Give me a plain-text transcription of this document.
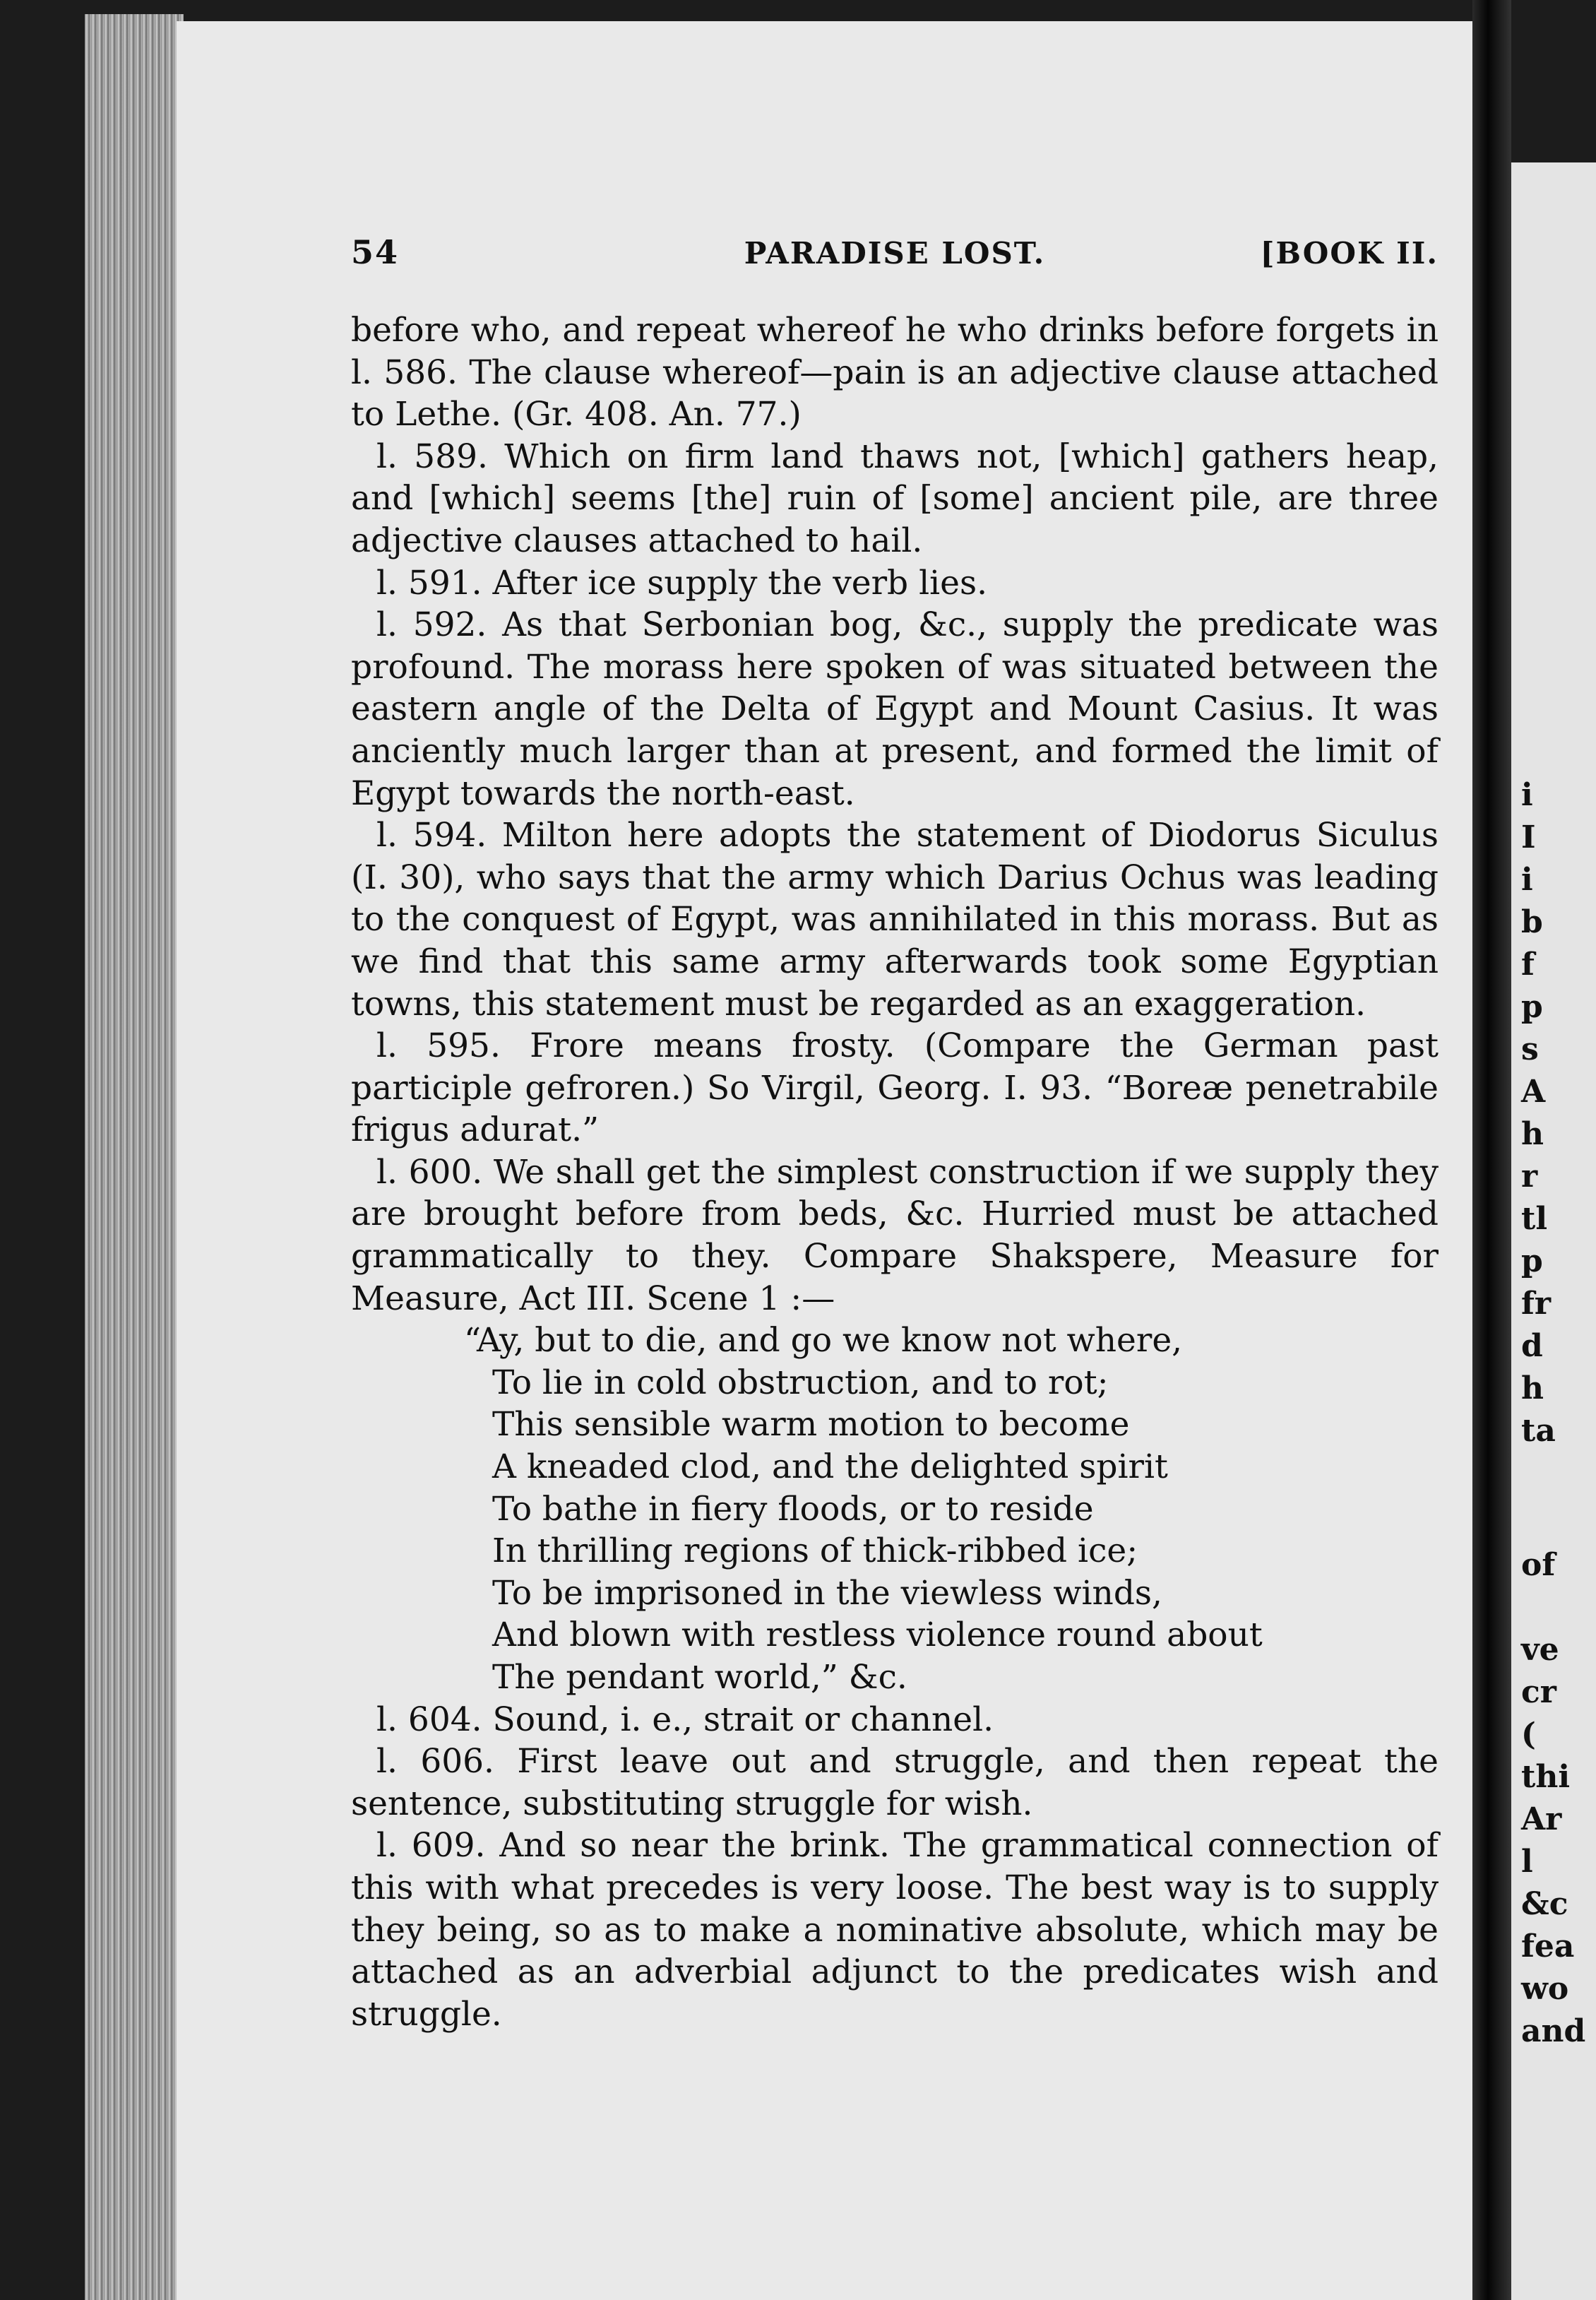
i
I
i
b
f
p
s
A
h
r
tl
p
fr
d
h
ta
of
ve
cr
(
thi
Ar
l
&c
fea
wo
and
54	PARADISE LOST.	[BOOK II.

before who, and repeat whereof he who drinks before forgets in l. 586. The clause whereof—pain is an adjective clause attached to Lethe. (Gr. 408. An. 77.)

l. 589. Which on firm land thaws not, [which] gathers heap, and [which] seems [the] ruin of [some] ancient pile, are three adjective clauses attached to hail.

l. 591. After ice supply the verb lies.

l. 592. As that Serbonian bog, &c., supply the predicate was profound. The morass here spoken of was situated between the eastern angle of the Delta of Egypt and Mount Casius. It was anciently much larger than at present, and formed the limit of Egypt towards the north-east.

l. 594. Milton here adopts the statement of Diodorus Siculus (I. 30), who says that the army which Darius Ochus was leading to the conquest of Egypt, was annihilated in this morass. But as we find that this same army afterwards took some Egyptian towns, this statement must be regarded as an exaggeration.

l. 595. Frore means frosty. (Compare the German past participle gefroren.) So Virgil, Georg. I. 93. “Boreæ penetrabile frigus adurat.”

l. 600. We shall get the simplest construction if we supply they are brought before from beds, &c. Hurried must be attached grammatically to they. Compare Shakspere, Measure for Measure, Act III. Scene 1 :—

“Ay, but to die, and go we know not where,
To lie in cold obstruction, and to rot;
This sensible warm motion to become
A kneaded clod, and the delighted spirit
To bathe in fiery floods, or to reside
In thrilling regions of thick-ribbed ice;
To be imprisoned in the viewless winds,
And blown with restless violence round about
The pendant world,” &c.

l. 604. Sound, i. e., strait or channel.

l. 606. First leave out and struggle, and then repeat the sentence, substituting struggle for wish.

l. 609. And so near the brink. The grammatical connection of this with what precedes is very loose. The best way is to supply they being, so as to make a nominative absolute, which may be attached as an adverbial adjunct to the predicates wish and struggle.
